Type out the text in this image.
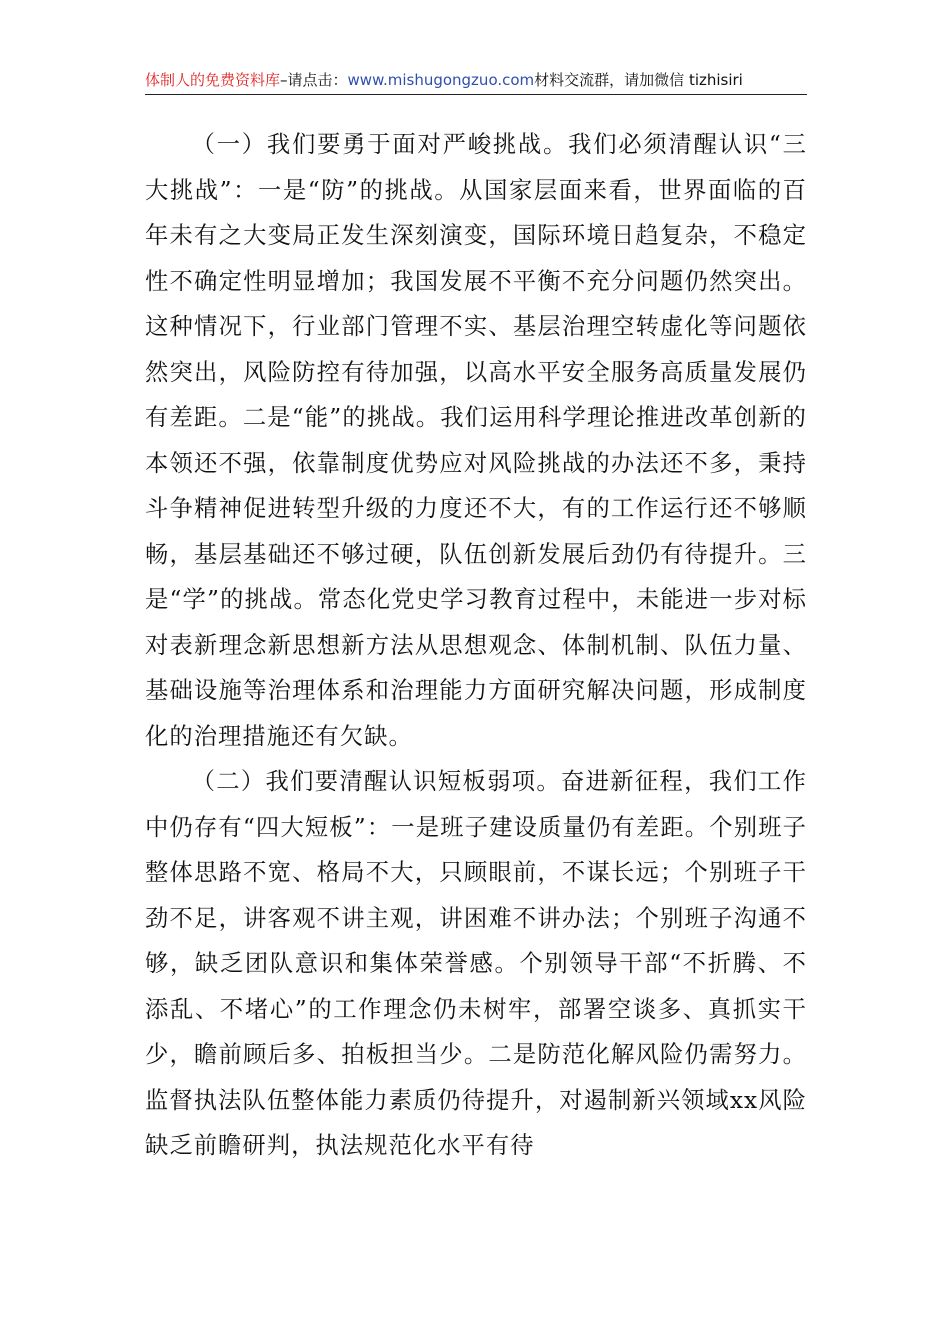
体制人的免费资料库–请点击：www.mishugongzuo.com材料交流群，请加微信 tizhisiri

（一）我们要勇于面对严峻挑战。我们必须清醒认识“三大挑战”：一是“防”的挑战。从国家层面来看，世界面临的百年未有之大变局正发生深刻演变，国际环境日趋复杂，不稳定性不确定性明显增加；我国发展不平衡不充分问题仍然突出。这种情况下，行业部门管理不实、基层治理空转虚化等问题依然突出，风险防控有待加强，以高水平安全服务高质量发展仍有差距。二是“能”的挑战。我们运用科学理论推进改革创新的本领还不强，依靠制度优势应对风险挑战的办法还不多，秉持斗争精神促进转型升级的力度还不大，有的工作运行还不够顺畅，基层基础还不够过硬，队伍创新发展后劲仍有待提升。三是“学”的挑战。常态化党史学习教育过程中，未能进一步对标对表新理念新思想新方法从思想观念、体制机制、队伍力量、基础设施等治理体系和治理能力方面研究解决问题，形成制度化的治理措施还有欠缺。

（二）我们要清醒认识短板弱项。奋进新征程，我们工作中仍存有“四大短板”：一是班子建设质量仍有差距。个别班子整体思路不宽、格局不大，只顾眼前，不谋长远；个别班子干劲不足，讲客观不讲主观，讲困难不讲办法；个别班子沟通不够，缺乏团队意识和集体荣誉感。个别领导干部“不折腾、不添乱、不堵心”的工作理念仍未树牢，部署空谈多、真抓实干少，瞻前顾后多、拍板担当少。二是防范化解风险仍需努力。监督执法队伍整体能力素质仍待提升，对遏制新兴领域xx风险缺乏前瞻研判，执法规范化水平有待
